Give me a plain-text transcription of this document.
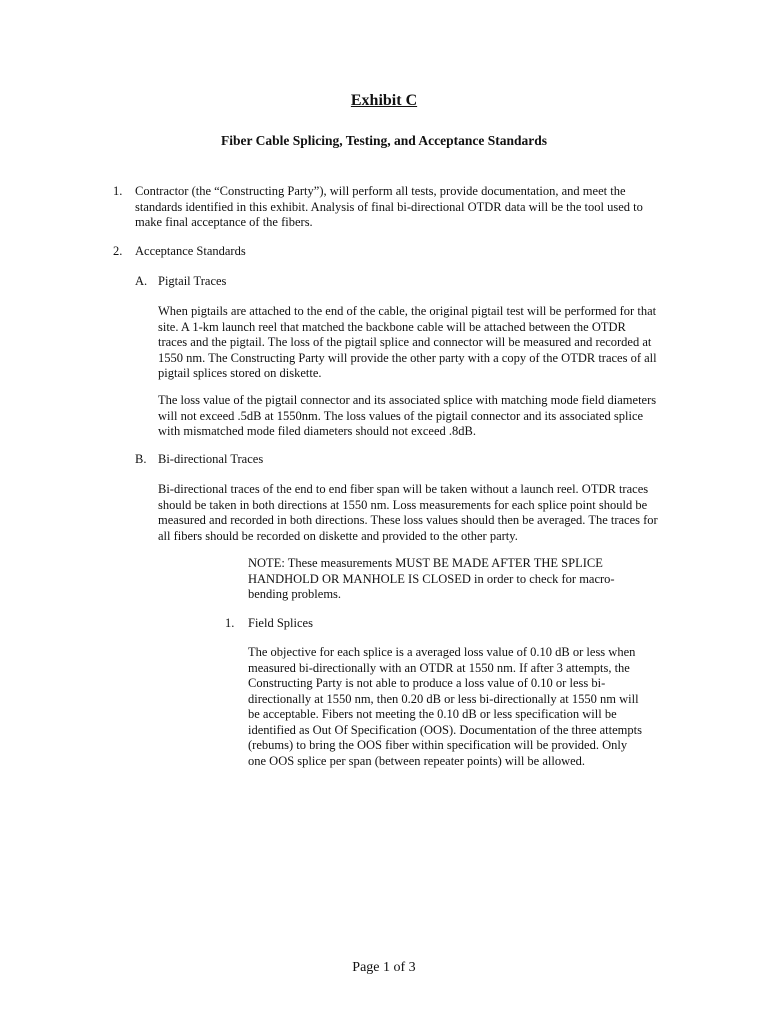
Exhibit C
Fiber Cable Splicing, Testing, and Acceptance Standards
1. Contractor (the “Constructing Party”), will perform all tests, provide documentation, and meet the standards identified in this exhibit. Analysis of final bi-directional OTDR data will be the tool used to make final acceptance of the fibers.

2. Acceptance Standards
A. Pigtail Traces

When pigtails are attached to the end of the cable, the original pigtail test will be performed for that site. A 1-km launch reel that matched the backbone cable will be attached between the OTDR traces and the pigtail. The loss of the pigtail splice and connector will be measured and recorded at 1550 nm. The Constructing Party will provide the other party with a copy of the OTDR traces of all pigtail splices stored on diskette.

The loss value of the pigtail connector and its associated splice with matching mode field diameters will not exceed .5dB at 1550nm. The loss values of the pigtail connector and its associated splice with mismatched mode filed diameters should not exceed .8dB.

B. Bi-directional Traces

Bi-directional traces of the end to end fiber span will be taken without a launch reel. OTDR traces should be taken in both directions at 1550 nm. Loss measurements for each splice point should be measured and recorded in both directions. These loss values should then be averaged. The traces for all fibers should be recorded on diskette and provided to the other party.

NOTE: These measurements MUST BE MADE AFTER THE SPLICE HANDHOLD OR MANHOLE IS CLOSED in order to check for macro-bending problems.

1. Field Splices

The objective for each splice is a averaged loss value of 0.10 dB or less when measured bi-directionally with an OTDR at 1550 nm. If after 3 attempts, the Constructing Party is not able to produce a loss value of 0.10 or less bi-directionally at 1550 nm, then 0.20 dB or less bi-directionally at 1550 nm will be acceptable. Fibers not meeting the 0.10 dB or less specification will be identified as Out Of Specification (OOS). Documentation of the three attempts (rebums) to bring the OOS fiber within specification will be provided. Only one OOS splice per span (between repeater points) will be allowed.

Page 1 of 3
